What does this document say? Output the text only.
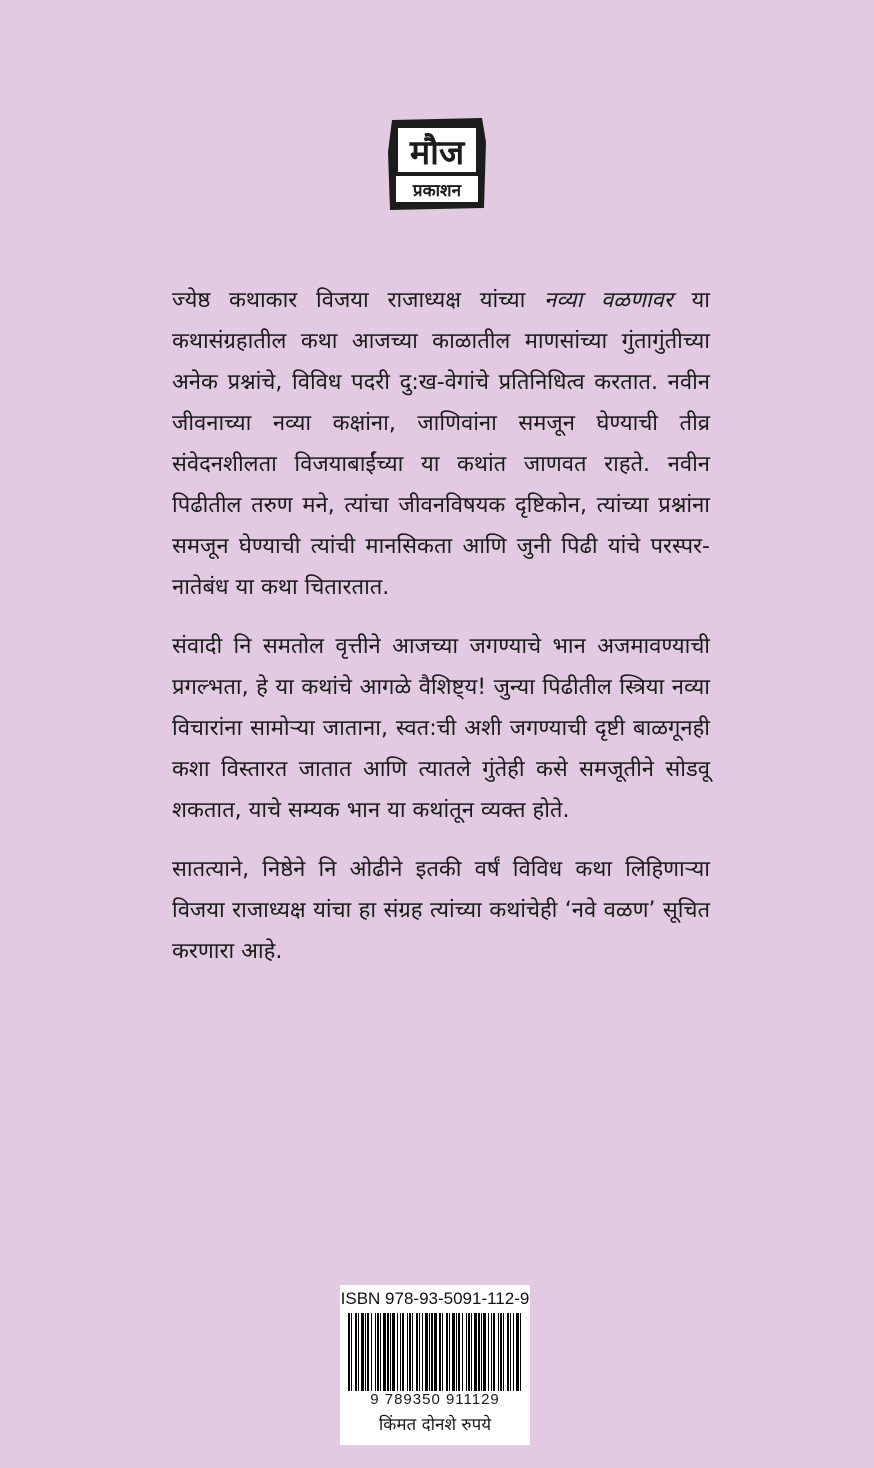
मौज
प्रकाशन

ज्येष्ठ कथाकार विजया राजाध्यक्ष यांच्या नव्या वळणावर या कथासंग्रहातील कथा आजच्या काळातील माणसांच्या गुंतागुंतीच्या अनेक प्रश्नांचे, विविध पदरी दु:ख-वेगांचे प्रतिनिधित्व करतात. नवीन जीवनाच्या नव्या कक्षांना, जाणिवांना समजून घेण्याची तीव्र संवेदनशीलता विजयाबाईंच्या या कथांत जाणवत राहते. नवीन पिढीतील तरुण मने, त्यांचा जीवनविषयक दृष्टिकोन, त्यांच्या प्रश्नांना समजून घेण्याची त्यांची मानसिकता आणि जुनी पिढी यांचे परस्पर-नातेबंध या कथा चितारतात.

संवादी नि समतोल वृत्तीने आजच्या जगण्याचे भान अजमावण्याची प्रगल्भता, हे या कथांचे आगळे वैशिष्ट्य! जुन्या पिढीतील स्त्रिया नव्या विचारांना सामोऱ्या जाताना, स्वत:ची अशी जगण्याची दृष्टी बाळगूनही कशा विस्तारत जातात आणि त्यातले गुंतेही कसे समजूतीने सोडवू शकतात, याचे सम्यक भान या कथांतून व्यक्त होते.

सातत्याने, निष्ठेने नि ओढीने इतकी वर्षं विविध कथा लिहिणाऱ्या विजया राजाध्यक्ष यांचा हा संग्रह त्यांच्या कथांचेही ‘नवे वळण’ सूचित करणारा आहे.

ISBN 978-93-5091-112-9
9 789350 911129
किंमत दोनशे रुपये
